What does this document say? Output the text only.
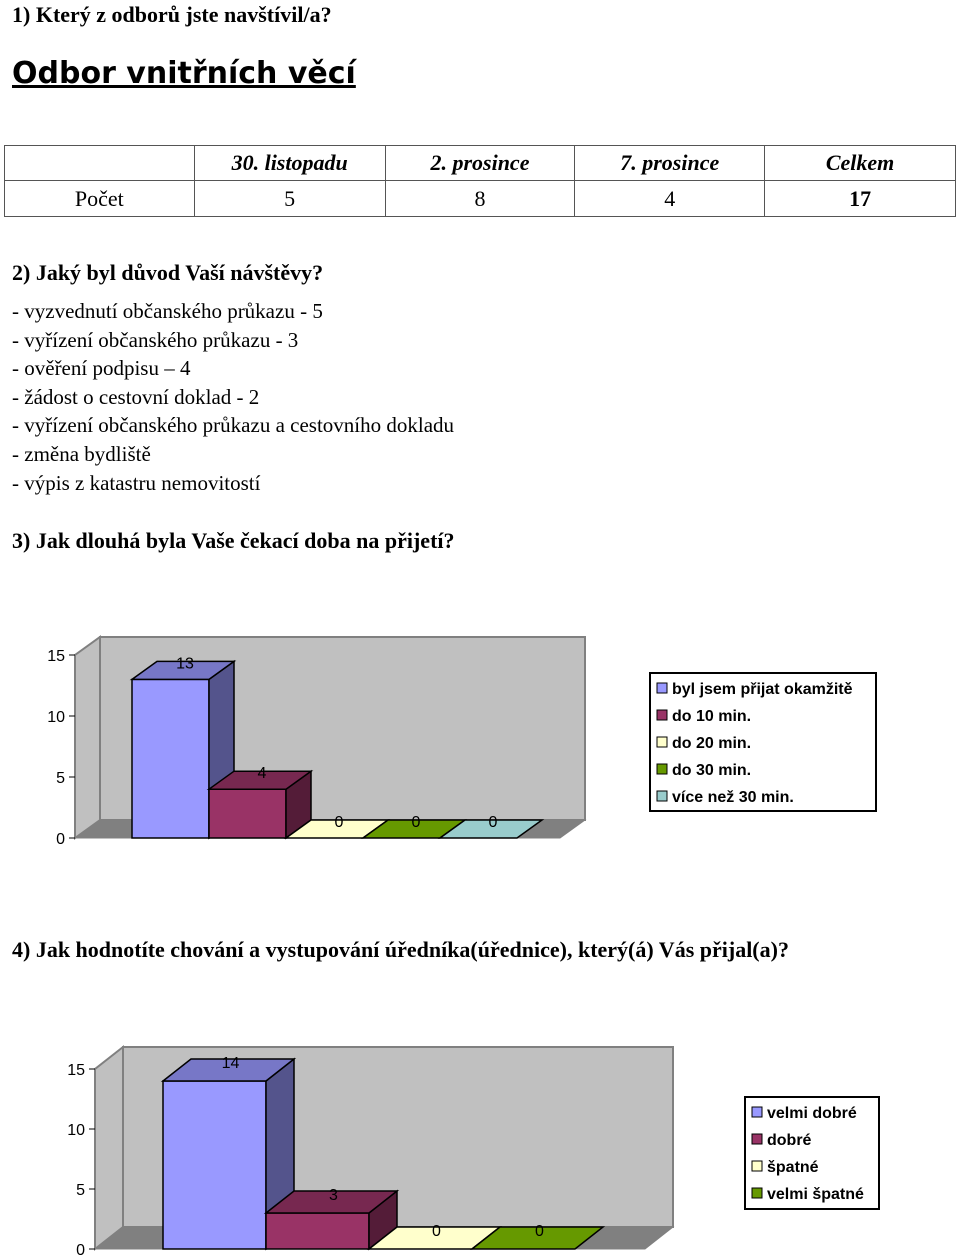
1) Který z odborů jste navštívil/a?
Odbor vnitřních věcí
	30. listopadu	2. prosince	7. prosince	Celkem
Počet	5	8	4	17
2) Jaký byl důvod Vaší návštěvy?
- vyzvednutí občanského průkazu - 5
- vyřízení občanského průkazu - 3
- ověření podpisu – 4
- žádost o cestovní doklad - 2
- vyřízení občanského průkazu a cestovního dokladu
- změna bydliště
- výpis z katastru nemovitostí
3) Jak dlouhá byla Vaše čekací doba na přijetí?
0
5
10
15	13
4
0	0	0
byl jsem přijat okamžitě
do 10 min.
do 20 min.
do 30 min.
více než 30 min.
4) Jak hodnotíte chování a vystupování úředníka(úřednice), který(á) Vás přijal(a)?
0
5
10
15	14
3
0	0
velmi dobré
dobré
špatné
velmi špatné
